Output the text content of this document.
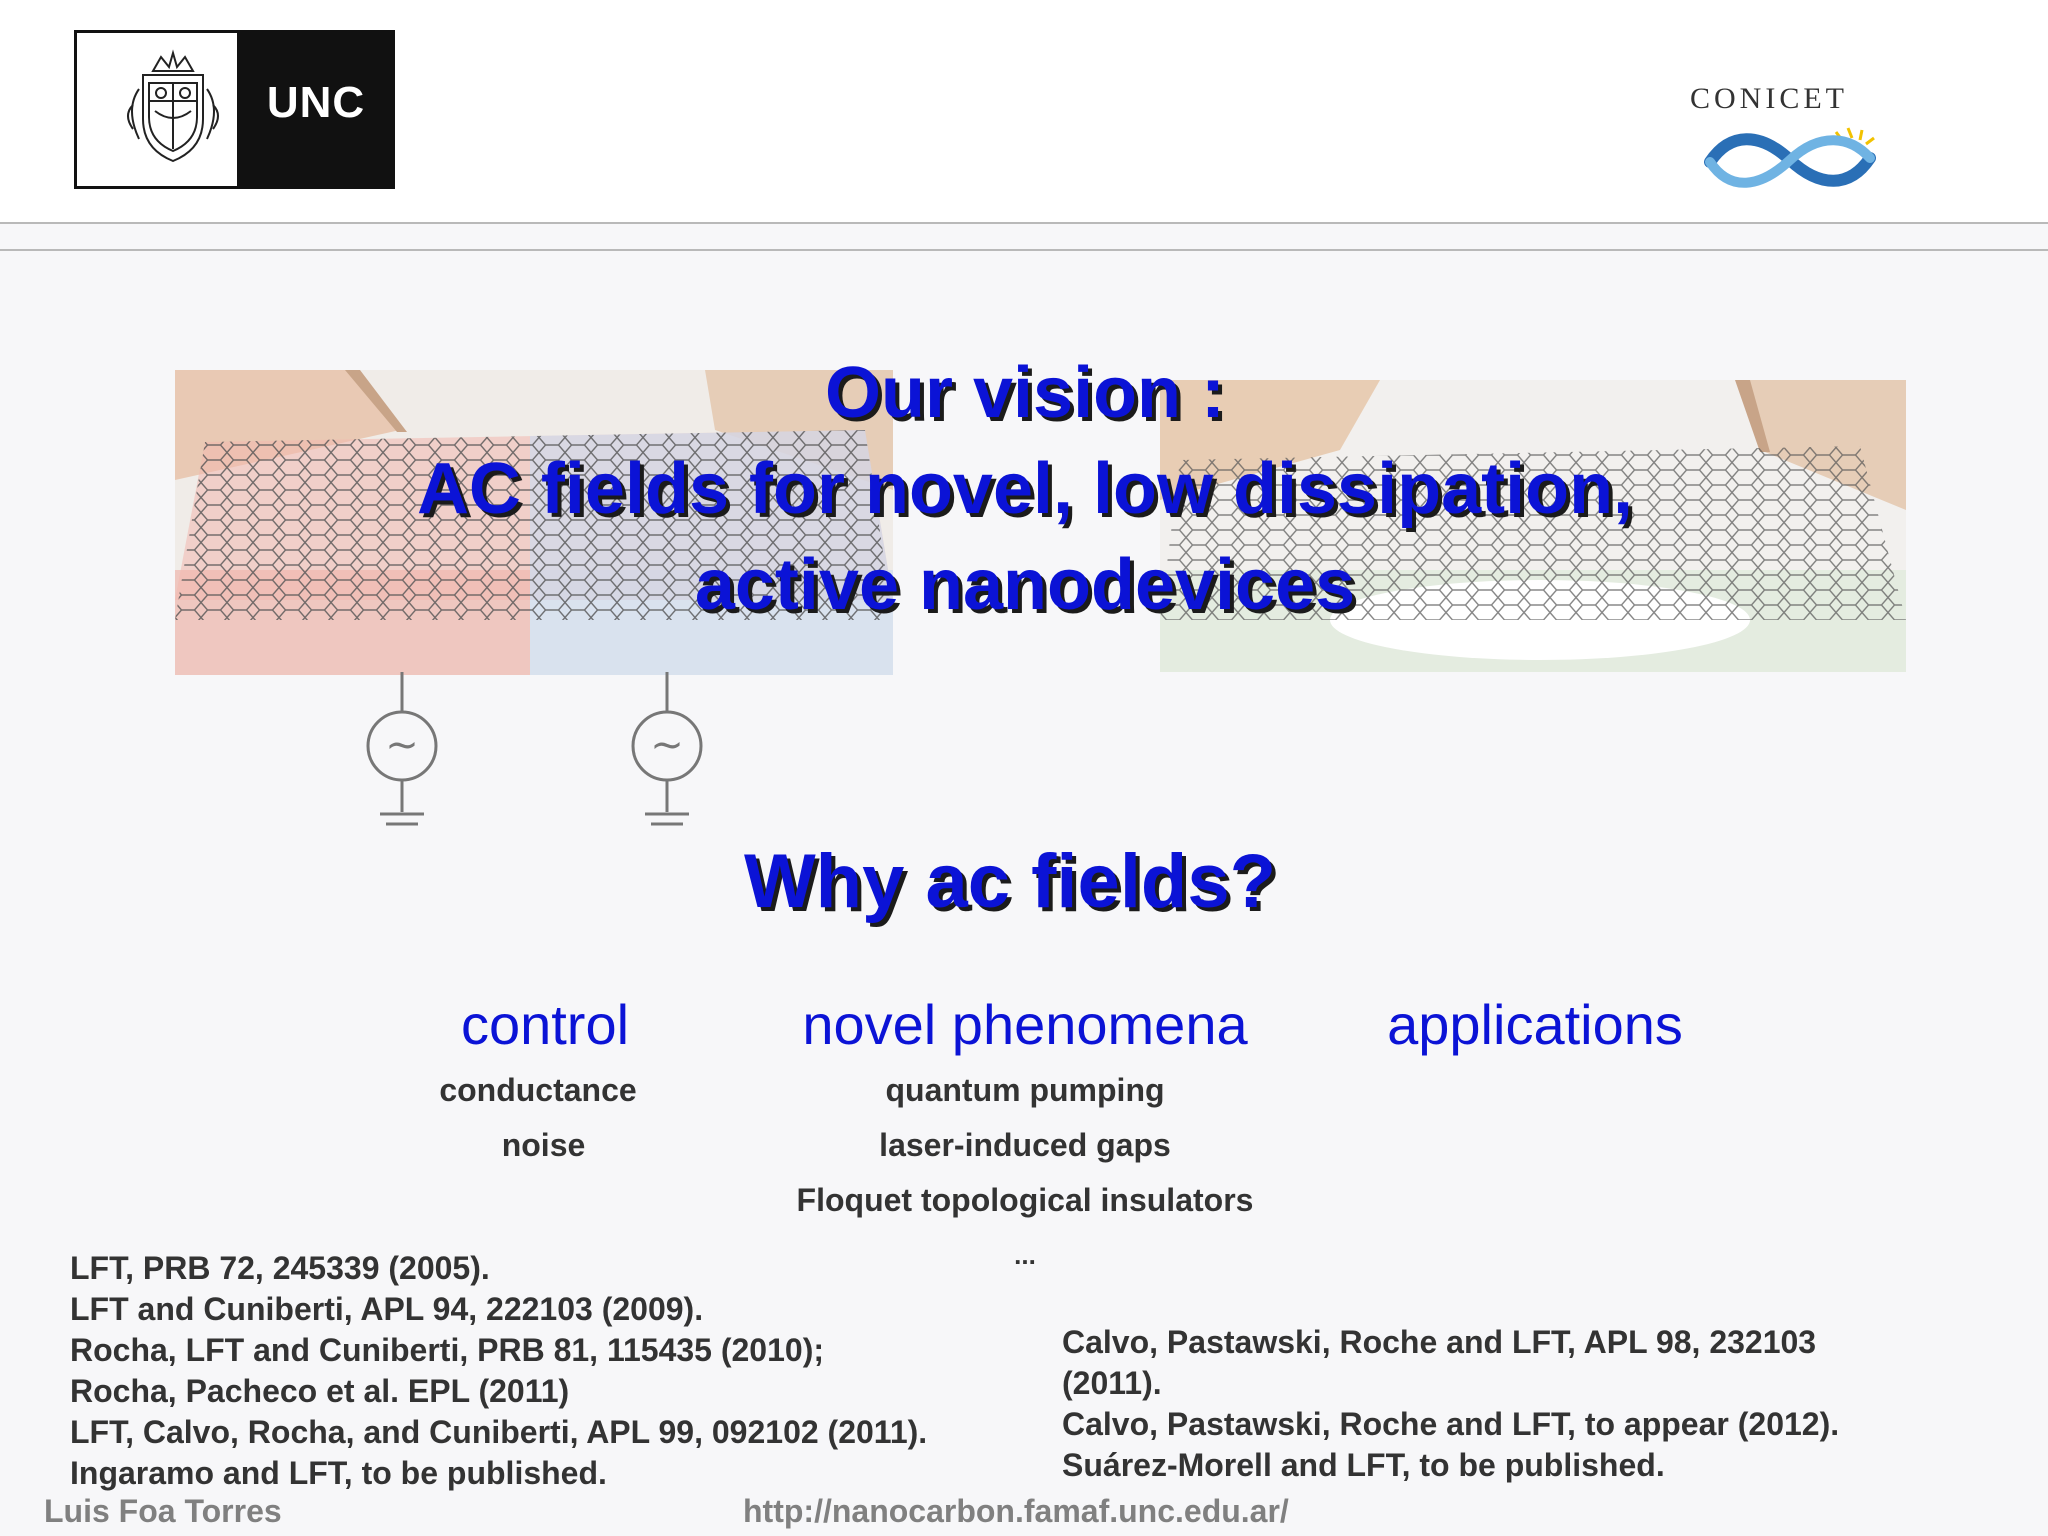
UNC	CONICET
~	~
Our vision :
AC fields for novel, low dissipation,
active nanodevices
Why ac fields?
control	novel phenomena	applications
conductance
noise
quantum pumping
laser-induced gaps
Floquet topological insulators
...
LFT, PRB 72, 245339 (2005).
LFT and Cuniberti, APL 94, 222103 (2009).
Rocha, LFT and Cuniberti, PRB 81, 115435 (2010);
Rocha, Pacheco et al. EPL (2011)
LFT, Calvo, Rocha, and Cuniberti, APL 99, 092102 (2011).
Ingaramo and LFT, to be published.
Calvo, Pastawski, Roche and LFT, APL 98, 232103
(2011).
Calvo, Pastawski, Roche and LFT, to appear (2012).
Suárez-Morell and LFT, to be published.
Luis Foa Torres	http://nanocarbon.famaf.unc.edu.ar/
